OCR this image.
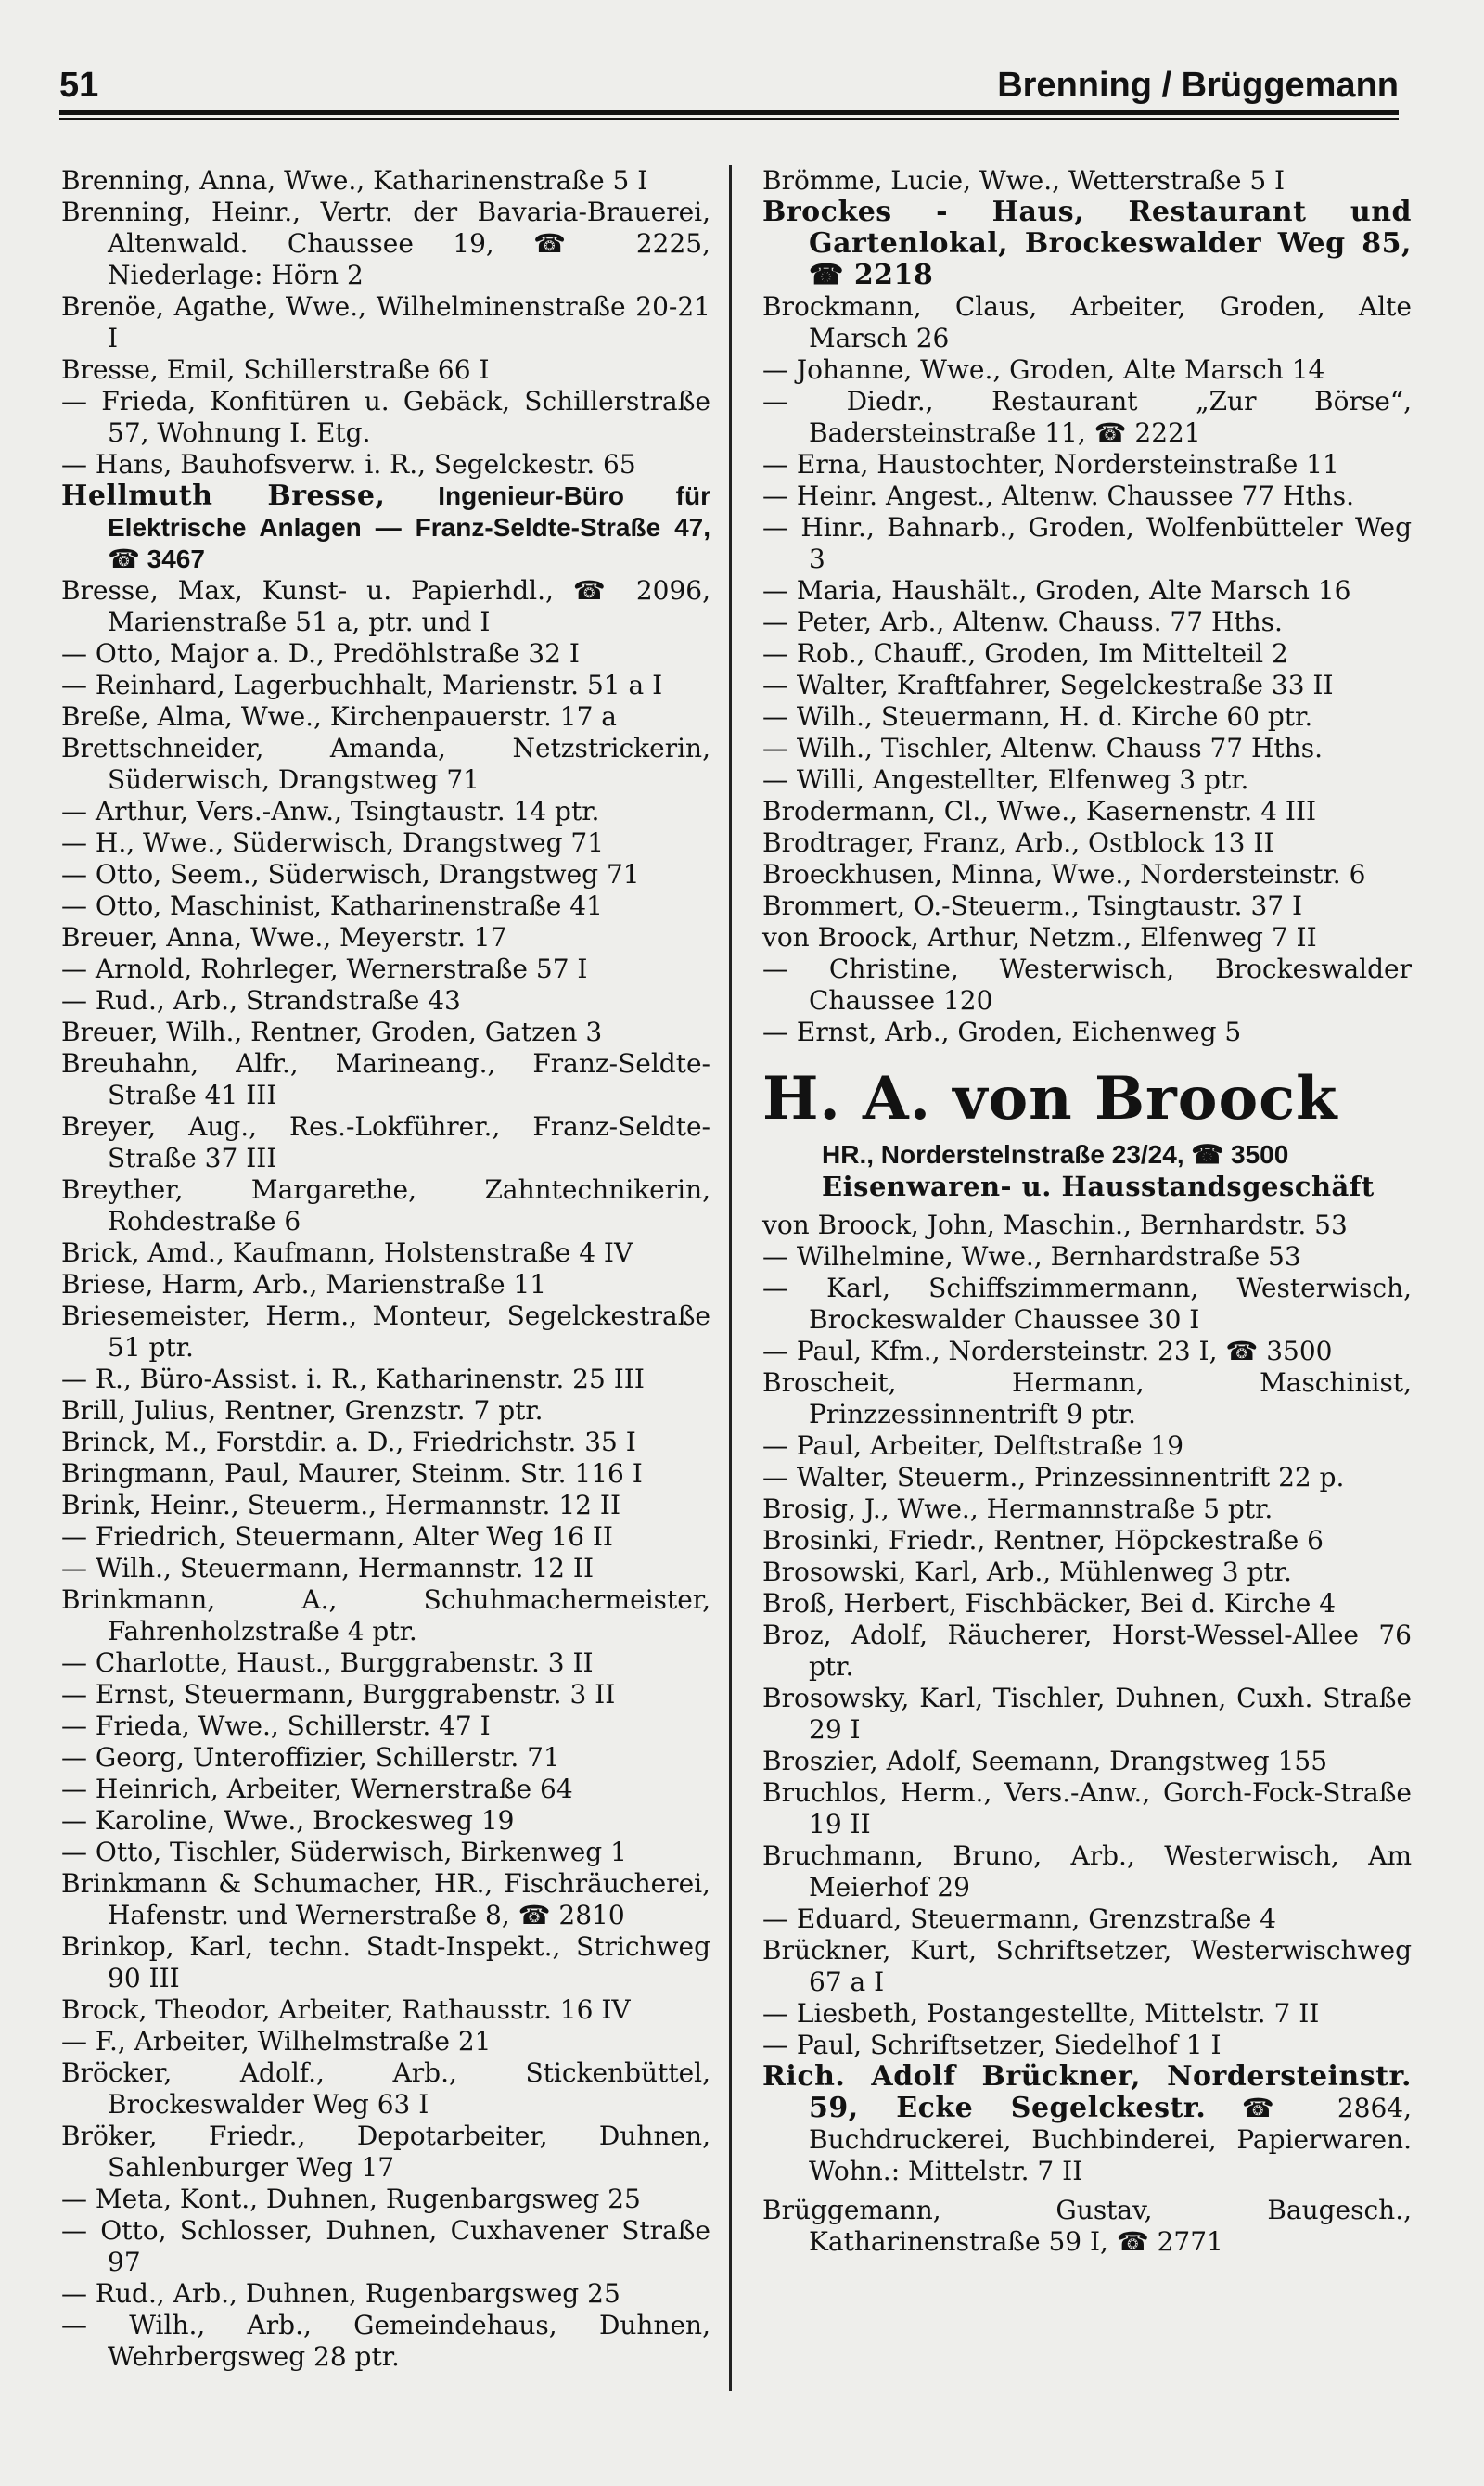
51	Brenning / Brüggemann
Brenning, Anna, Wwe., Katharinenstraße 5 I
Brenning, Heinr., Vertr. der Bavaria-Brauerei, Altenwald. Chaussee 19, ☎ 2225, Niederlage: Hörn 2
Brenöe, Agathe, Wwe., Wilhelminenstraße 20-21 I
Bresse, Emil, Schillerstraße 66 I
— Frieda, Konfitüren u. Gebäck, Schillerstraße 57, Wohnung I. Etg.
— Hans, Bauhofsverw. i. R., Segelckestr. 65
Hellmuth Bresse, Ingenieur-Büro für Elektrische Anlagen — Franz-Seldte-Straße 47, ☎ 3467
Bresse, Max, Kunst- u. Papierhdl., ☎ 2096, Marienstraße 51 a, ptr. und I
— Otto, Major a. D., Predöhlstraße 32 I
— Reinhard, Lagerbuchhalt, Marienstr. 51 a I
Breße, Alma, Wwe., Kirchenpauerstr. 17 a
Brettschneider, Amanda, Netzstrickerin, Süderwisch, Drangstweg 71
— Arthur, Vers.-Anw., Tsingtaustr. 14 ptr.
— H., Wwe., Süderwisch, Drangstweg 71
— Otto, Seem., Süderwisch, Drangstweg 71
— Otto, Maschinist, Katharinenstraße 41
Breuer, Anna, Wwe., Meyerstr. 17
— Arnold, Rohrleger, Wernerstraße 57 I
— Rud., Arb., Strandstraße 43
Breuer, Wilh., Rentner, Groden, Gatzen 3
Breuhahn, Alfr., Marineang., Franz-Seldte-Straße 41 III
Breyer, Aug., Res.-Lokführer., Franz-Seldte-Straße 37 III
Breyther, Margarethe, Zahntechnikerin, Rohdestraße 6
Brick, Amd., Kaufmann, Holstenstraße 4 IV
Briese, Harm, Arb., Marienstraße 11
Briesemeister, Herm., Monteur, Segelckestraße 51 ptr.
— R., Büro-Assist. i. R., Katharinenstr. 25 III
Brill, Julius, Rentner, Grenzstr. 7 ptr.
Brinck, M., Forstdir. a. D., Friedrichstr. 35 I
Bringmann, Paul, Maurer, Steinm. Str. 116 I
Brink, Heinr., Steuerm., Hermannstr. 12 II
— Friedrich, Steuermann, Alter Weg 16 II
— Wilh., Steuermann, Hermannstr. 12 II
Brinkmann, A., Schuhmachermeister, Fahrenholzstraße 4 ptr.
— Charlotte, Haust., Burggrabenstr. 3 II
— Ernst, Steuermann, Burggrabenstr. 3 II
— Frieda, Wwe., Schillerstr. 47 I
— Georg, Unteroffizier, Schillerstr. 71
— Heinrich, Arbeiter, Wernerstraße 64
— Karoline, Wwe., Brockesweg 19
— Otto, Tischler, Süderwisch, Birkenweg 1
Brinkmann & Schumacher, HR., Fischräucherei, Hafenstr. und Wernerstraße 8, ☎ 2810
Brinkop, Karl, techn. Stadt-Inspekt., Strichweg 90 III
Brock, Theodor, Arbeiter, Rathausstr. 16 IV
— F., Arbeiter, Wilhelmstraße 21
Bröcker, Adolf., Arb., Stickenbüttel, Brockeswalder Weg 63 I
Bröker, Friedr., Depotarbeiter, Duhnen, Sahlenburger Weg 17
— Meta, Kont., Duhnen, Rugenbargsweg 25
— Otto, Schlosser, Duhnen, Cuxhavener Straße 97
— Rud., Arb., Duhnen, Rugenbargsweg 25
— Wilh., Arb., Gemeindehaus, Duhnen, Wehrbergsweg 28 ptr.
Brömme, Lucie, Wwe., Wetterstraße 5 I
Brockes - Haus, Restaurant und Gartenlokal, Brockeswalder Weg 85, ☎ 2218
Brockmann, Claus, Arbeiter, Groden, Alte Marsch 26
— Johanne, Wwe., Groden, Alte Marsch 14
— Diedr., Restaurant „Zur Börse“, Badersteinstraße 11, ☎ 2221
— Erna, Haustochter, Nordersteinstraße 11
— Heinr. Angest., Altenw. Chaussee 77 Hths.
— Hinr., Bahnarb., Groden, Wolfenbütteler Weg 3
— Maria, Haushält., Groden, Alte Marsch 16
— Peter, Arb., Altenw. Chauss. 77 Hths.
— Rob., Chauff., Groden, Im Mittelteil 2
— Walter, Kraftfahrer, Segelckestraße 33 II
— Wilh., Steuermann, H. d. Kirche 60 ptr.
— Wilh., Tischler, Altenw. Chauss 77 Hths.
— Willi, Angestellter, Elfenweg 3 ptr.
Brodermann, Cl., Wwe., Kasernenstr. 4 III
Brodtrager, Franz, Arb., Ostblock 13 II
Broeckhusen, Minna, Wwe., Nordersteinstr. 6
Brommert, O.-Steuerm., Tsingtaustr. 37 I
von Broock, Arthur, Netzm., Elfenweg 7 II
— Christine, Westerwisch, Brockeswalder Chaussee 120
— Ernst, Arb., Groden, Eichenweg 5
H. A. von Broock
HR., Norderstelnstraße 23/24, ☎ 3500
Eisenwaren- u. Hausstandsgeschäft
von Broock, John, Maschin., Bernhardstr. 53
— Wilhelmine, Wwe., Bernhardstraße 53
— Karl, Schiffszimmermann, Westerwisch, Brockeswalder Chaussee 30 I
— Paul, Kfm., Nordersteinstr. 23 I, ☎ 3500
Broscheit, Hermann, Maschinist, Prinzzessinnentrift 9 ptr.
— Paul, Arbeiter, Delftstraße 19
— Walter, Steuerm., Prinzessinnentrift 22 p.
Brosig, J., Wwe., Hermannstraße 5 ptr.
Brosinki, Friedr., Rentner, Höpckestraße 6
Brosowski, Karl, Arb., Mühlenweg 3 ptr.
Broß, Herbert, Fischbäcker, Bei d. Kirche 4
Broz, Adolf, Räucherer, Horst-Wessel-Allee 76 ptr.
Brosowsky, Karl, Tischler, Duhnen, Cuxh. Straße 29 I
Broszier, Adolf, Seemann, Drangstweg 155
Bruchlos, Herm., Vers.-Anw., Gorch-Fock-Straße 19 II
Bruchmann, Bruno, Arb., Westerwisch, Am Meierhof 29
— Eduard, Steuermann, Grenzstraße 4
Brückner, Kurt, Schriftsetzer, Westerwischweg 67 a I
— Liesbeth, Postangestellte, Mittelstr. 7 II
— Paul, Schriftsetzer, Siedelhof 1 I
Rich. Adolf Brückner, Nordersteinstr. 59, Ecke Segelckestr. ☎ 2864, Buchdruckerei, Buchbinderei, Papierwaren. Wohn.: Mittelstr. 7 II
Brüggemann, Gustav, Baugesch., Katharinenstraße 59 I, ☎ 2771
